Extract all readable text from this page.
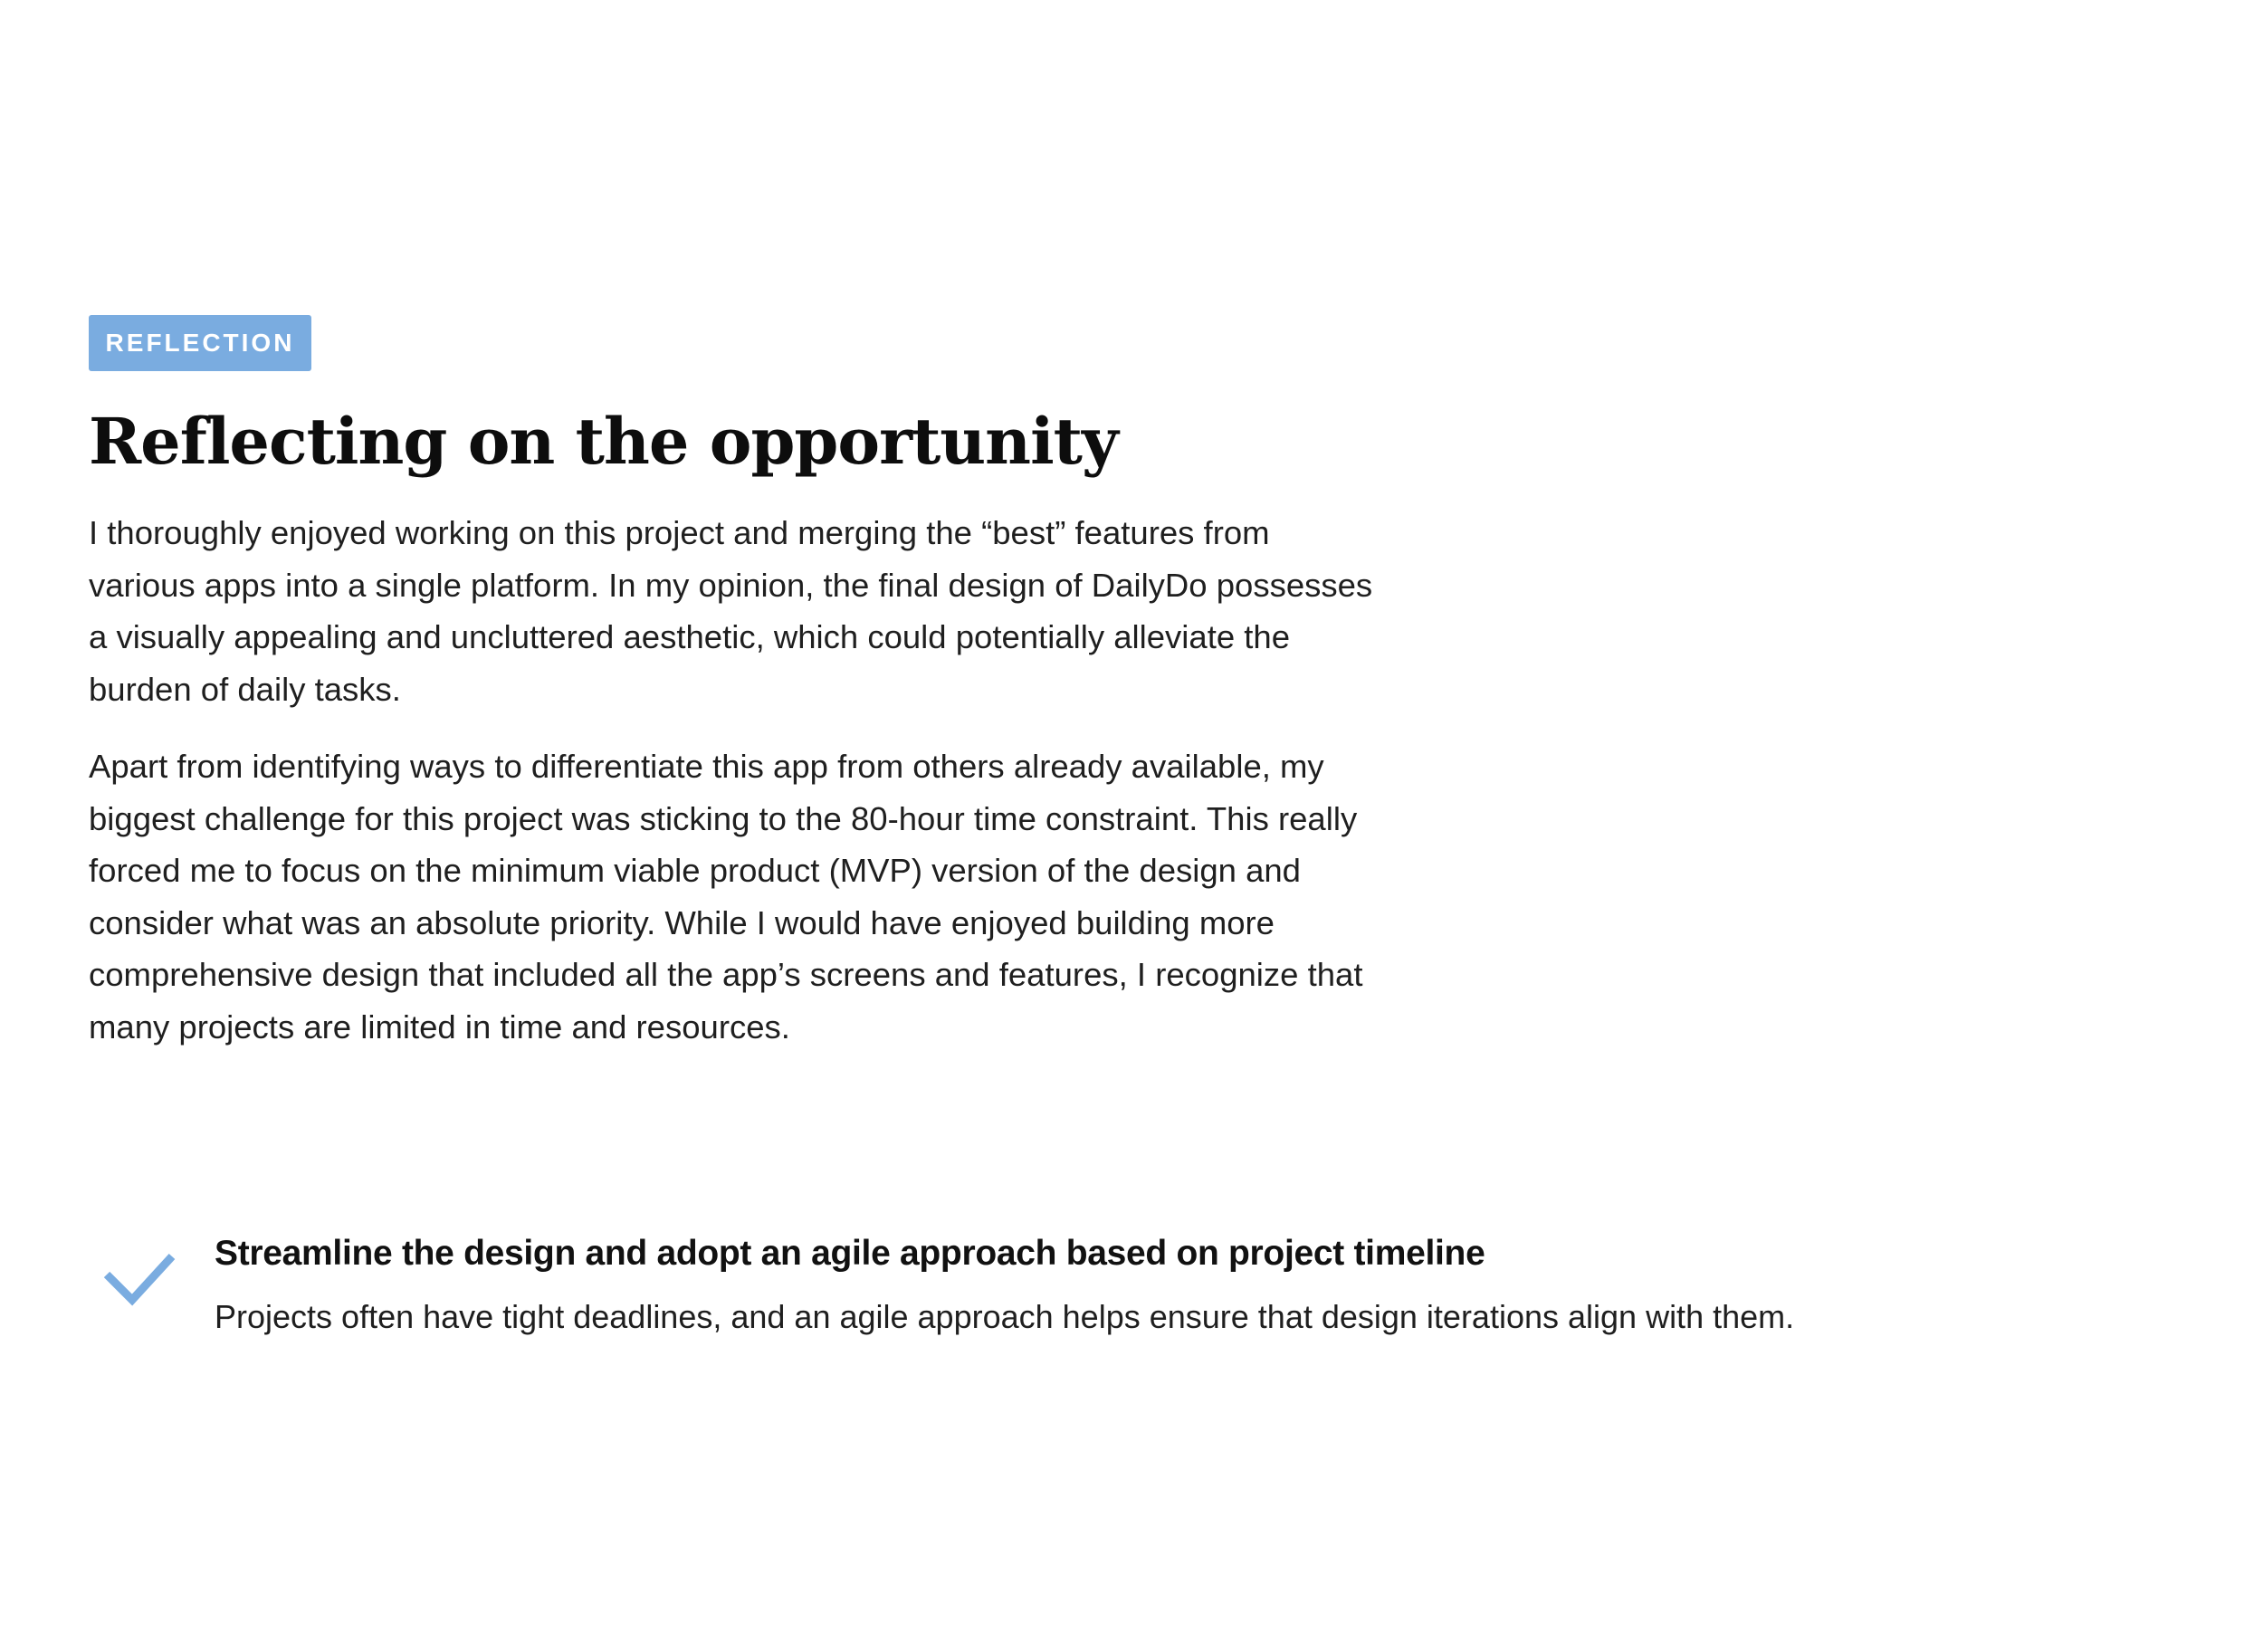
REFLECTION
Reflecting on the opportunity

I thoroughly enjoyed working on this project and merging the “best” features from various apps into a single platform. In my opinion, the final design of DailyDo possesses a visually appealing and uncluttered aesthetic, which could potentially alleviate the burden of daily tasks.

Apart from identifying ways to differentiate this app from others already available, my biggest challenge for this project was sticking to the 80-hour time constraint. This really forced me to focus on the minimum viable product (MVP) version of the design and consider what was an absolute priority. While I would have enjoyed building more comprehensive design that included all the app’s screens and features, I recognize that many projects are limited in time and resources.

Streamline the design and adopt an agile approach based on project timeline

Projects often have tight deadlines, and an agile approach helps ensure that design iterations align with them.
